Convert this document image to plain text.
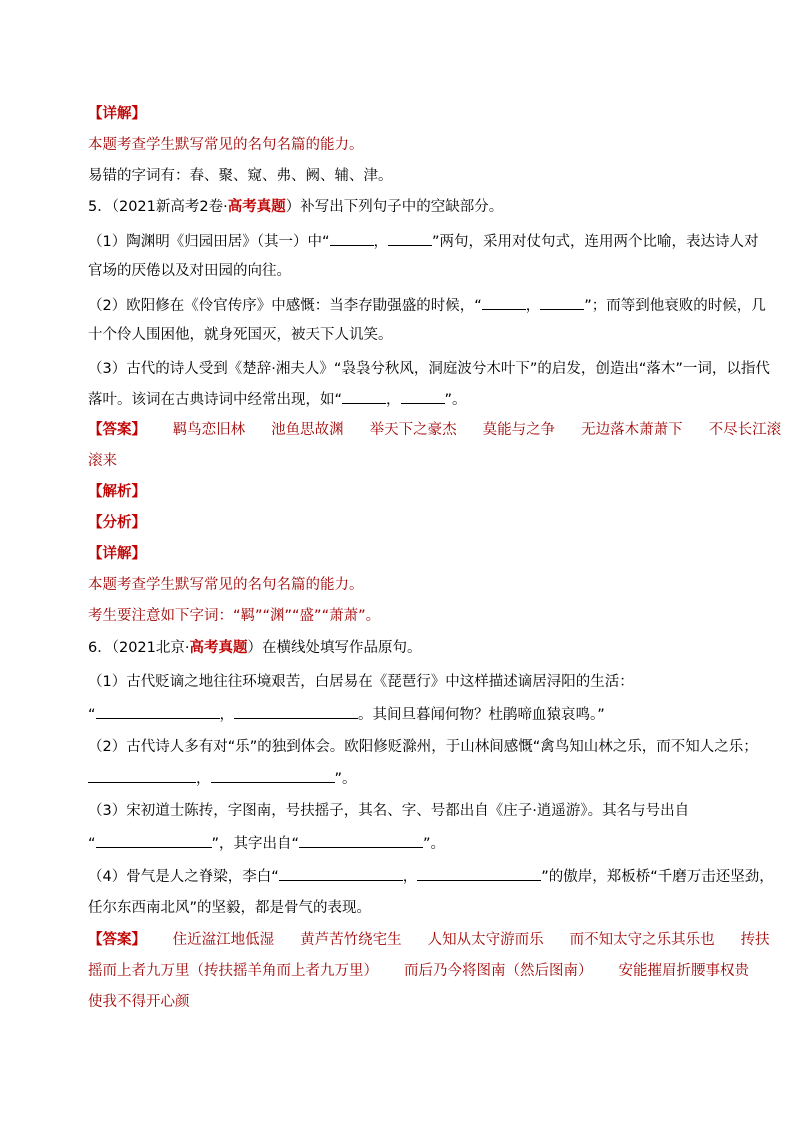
【详解】
本题考查学生默写常见的名句名篇的能力。
易错的字词有：春、聚、窥、弗、阙、辅、津。
5．（2021新高考2卷·高考真题）补写出下列句子中的空缺部分。
（1）陶渊明《归园田居》（其一）中“	，	”两句，采用对仗句式，连用两个比喻，表达诗人对
官场的厌倦以及对田园的向往。
（2）欧阳修在《伶官传序》中感慨：当李存勖强盛的时候，“	，	”；而等到他衰败的时候，几
十个伶人围困他，就身死国灭，被天下人讥笑。
（3）古代的诗人受到《楚辞·湘夫人》“袅袅兮秋风，洞庭波兮木叶下”的启发，创造出“落木”一词，以指代
落叶。该词在古典诗词中经常出现，如“	，	”。
【答案】 羁鸟恋旧林 池鱼思故渊 举天下之豪杰 莫能与之争 无边落木萧萧下 不尽长江滚
滚来
【解析】
【分析】
【详解】
本题考查学生默写常见的名句名篇的能力。
考生要注意如下字词：“羁”“渊”“盛”“萧萧”。
6．（2021北京·高考真题）在横线处填写作品原句。
（1）古代贬谪之地往往环境艰苦，白居易在《琵琶行》中这样描述谪居浔阳的生活：
“	，	。其间旦暮闻何物？杜鹃啼血猿哀鸣。”
（2）古代诗人多有对“乐”的独到体会。欧阳修贬滁州，于山林间感慨“禽鸟知山林之乐，而不知人之乐；
，	”。
（3）宋初道士陈抟，字图南，号扶摇子，其名、字、号都出自《庄子·逍遥游》。其名与号出自
“	”，其字出自“	”。
（4）骨气是人之脊梁，李白“	，	”的傲岸，郑板桥“千磨万击还坚劲，
任尔东西南北风”的坚毅，都是骨气的表现。
【答案】 住近湓江地低湿 黄芦苦竹绕宅生 人知从太守游而乐 而不知太守之乐其乐也 抟扶
摇而上者九万里（抟扶摇羊角而上者九万里） 而后乃今将图南（然后图南） 安能摧眉折腰事权贵
使我不得开心颜
